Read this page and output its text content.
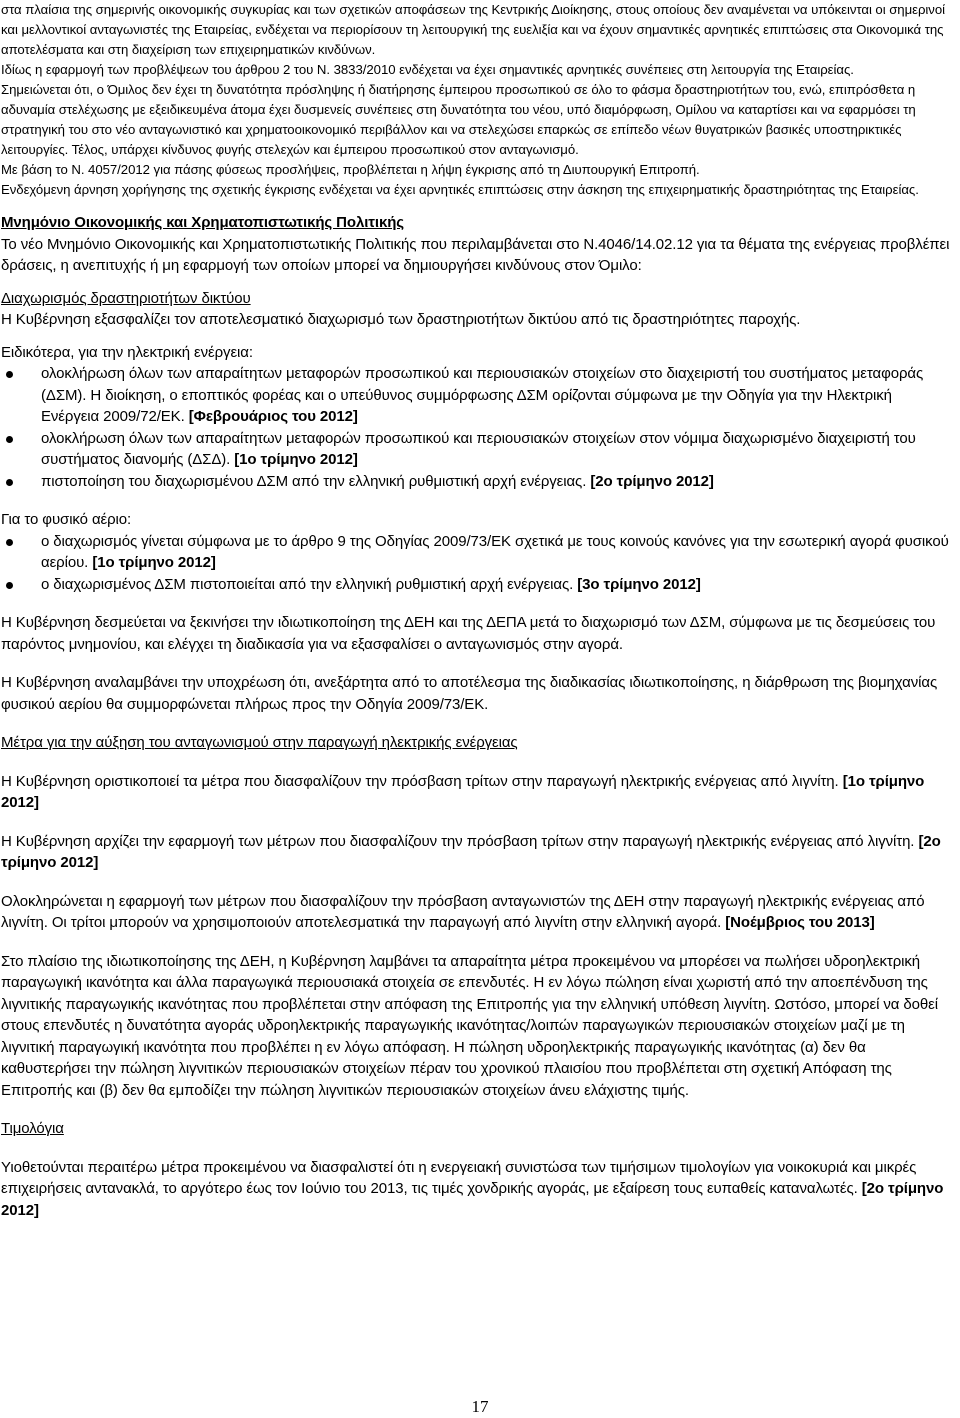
στα πλαίσια της σημερινής οικονομικής συγκυρίας και των σχετικών αποφάσεων της Κεντρικής Διοίκησης, στους οποίους δεν αναμένεται να υπόκεινται οι σημερινοί και μελλοντικοί ανταγωνιστές της Εταιρείας, ενδέχεται να περιορίσουν τη λειτουργική της ευελιξία και να έχουν σημαντικές αρνητικές επιπτώσεις στα Οικονομικά της αποτελέσματα και στη διαχείριση των επιχειρηματικών κινδύνων.

Ιδίως η εφαρμογή των προβλέψεων του άρθρου 2 του Ν. 3833/2010 ενδέχεται να έχει σημαντικές αρνητικές συνέπειες στη λειτουργία της Εταιρείας.

Σημειώνεται ότι, ο Όμιλος δεν έχει τη δυνατότητα πρόσληψης ή διατήρησης έμπειρου προσωπικού σε όλο το φάσμα δραστηριοτήτων του, ενώ, επιπρόσθετα η αδυναμία στελέχωσης με εξειδικευμένα άτομα έχει δυσμενείς συνέπειες στη δυνατότητα του νέου, υπό διαμόρφωση, Ομίλου να καταρτίσει και να εφαρμόσει τη στρατηγική του στο νέο ανταγωνιστικό και χρηματοοικονομικό περιβάλλον και να στελεχώσει επαρκώς σε επίπεδο νέων θυγατρικών βασικές υποστηρικτικές λειτουργίες. Τέλος, υπάρχει κίνδυνος φυγής στελεχών και έμπειρου προσωπικού στον ανταγωνισμό.

Με βάση το Ν. 4057/2012 για πάσης φύσεως προσλήψεις, προβλέπεται η λήψη έγκρισης από τη Διυπουργική Επιτροπή.

Ενδεχόμενη άρνηση χορήγησης της σχετικής έγκρισης ενδέχεται να έχει αρνητικές επιπτώσεις στην άσκηση της επιχειρηματικής δραστηριότητας της Εταιρείας.

Μνημόνιο Οικονομικής και Χρηματοπιστωτικής Πολιτικής

Το νέο Μνημόνιο Οικονομικής και Χρηματοπιστωτικής Πολιτικής που περιλαμβάνεται στο Ν.4046/14.02.12 για τα θέματα της ενέργειας προβλέπει δράσεις, η ανεπιτυχής ή μη εφαρμογή των οποίων μπορεί να δημιουργήσει κινδύνους στον Όμιλο:

Διαχωρισμός δραστηριοτήτων δικτύου

Η Κυβέρνηση εξασφαλίζει τον αποτελεσματικό διαχωρισμό των δραστηριοτήτων δικτύου από τις δραστηριότητες παροχής.

Ειδικότερα, για την ηλεκτρική ενέργεια:

ολοκλήρωση όλων των απαραίτητων μεταφορών προσωπικού και περιουσιακών στοιχείων στο διαχειριστή του συστήματος μεταφοράς (ΔΣΜ). Η διοίκηση, ο εποπτικός φορέας και ο υπεύθυνος συμμόρφωσης ΔΣΜ ορίζονται σύμφωνα με την Οδηγία για την Ηλεκτρική Ενέργεια 2009/72/ΕΚ. [Φεβρουάριος του 2012]
ολοκλήρωση όλων των απαραίτητων μεταφορών προσωπικού και περιουσιακών στοιχείων στον νόμιμα διαχωρισμένο διαχειριστή του συστήματος διανομής (ΔΣΔ). [1ο τρίμηνο 2012]
πιστοποίηση του διαχωρισμένου ΔΣΜ από την ελληνική ρυθμιστική αρχή ενέργειας. [2ο τρίμηνο 2012]

Για το φυσικό αέριο:

ο διαχωρισμός γίνεται σύμφωνα με το άρθρο 9 της Οδηγίας 2009/73/ΕΚ σχετικά με τους κοινούς κανόνες για την εσωτερική αγορά φυσικού αερίου. [1ο τρίμηνο 2012]
ο διαχωρισμένος ΔΣΜ πιστοποιείται από την ελληνική ρυθμιστική αρχή ενέργειας. [3ο τρίμηνο 2012]

Η Κυβέρνηση δεσμεύεται να ξεκινήσει την ιδιωτικοποίηση της ΔΕΗ και της ΔΕΠΑ μετά το διαχωρισμό των ΔΣΜ, σύμφωνα με τις δεσμεύσεις του παρόντος μνημονίου, και ελέγχει τη διαδικασία για να εξασφαλίσει ο ανταγωνισμός στην αγορά.

Η Κυβέρνηση αναλαμβάνει την υποχρέωση ότι, ανεξάρτητα από το αποτέλεσμα της διαδικασίας ιδιωτικοποίησης, η διάρθρωση της βιομηχανίας φυσικού αερίου θα συμμορφώνεται πλήρως προς την Οδηγία 2009/73/ΕΚ.

Μέτρα για την αύξηση του ανταγωνισμού στην παραγωγή ηλεκτρικής ενέργειας

Η Κυβέρνηση οριστικοποιεί τα μέτρα που διασφαλίζουν την πρόσβαση τρίτων στην παραγωγή ηλεκτρικής ενέργειας από λιγνίτη. [1ο τρίμηνο 2012]

Η Κυβέρνηση αρχίζει την εφαρμογή των μέτρων που διασφαλίζουν την πρόσβαση τρίτων στην παραγωγή ηλεκτρικής ενέργειας από λιγνίτη. [2ο τρίμηνο 2012]

Ολοκληρώνεται η εφαρμογή των μέτρων που διασφαλίζουν την πρόσβαση ανταγωνιστών της ΔΕΗ στην παραγωγή ηλεκτρικής ενέργειας από λιγνίτη. Οι τρίτοι μπορούν να χρησιμοποιούν αποτελεσματικά την παραγωγή από λιγνίτη στην ελληνική αγορά. [Νοέμβριος του 2013]

Στο πλαίσιο της ιδιωτικοποίησης της ΔΕΗ, η Κυβέρνηση λαμβάνει τα απαραίτητα μέτρα προκειμένου να μπορέσει να πωλήσει υδροηλεκτρική παραγωγική ικανότητα και άλλα παραγωγικά περιουσιακά στοιχεία σε επενδυτές. Η εν λόγω πώληση είναι χωριστή από την αποεπένδυση της λιγνιτικής παραγωγικής ικανότητας που προβλέπεται στην απόφαση της Επιτροπής για την ελληνική υπόθεση λιγνίτη. Ωστόσο, μπορεί να δοθεί στους επενδυτές η δυνατότητα αγοράς υδροηλεκτρικής παραγωγικής ικανότητας/λοιπών παραγωγικών περιουσιακών στοιχείων μαζί με τη λιγνιτική παραγωγική ικανότητα που προβλέπει η εν λόγω απόφαση. Η πώληση υδροηλεκτρικής παραγωγικής ικανότητας (α) δεν θα καθυστερήσει την πώληση λιγνιτικών περιουσιακών στοιχείων πέραν του χρονικού πλαισίου που προβλέπεται στη σχετική Απόφαση της Επιτροπής και (β) δεν θα εμποδίζει την πώληση λιγνιτικών περιουσιακών στοιχείων άνευ ελάχιστης τιμής.

Τιμολόγια

Υιοθετούνται περαιτέρω μέτρα προκειμένου να διασφαλιστεί ότι η ενεργειακή συνιστώσα των τιμήσιμων τιμολογίων για νοικοκυριά και μικρές επιχειρήσεις αντανακλά, το αργότερο έως τον Ιούνιο του 2013, τις τιμές χονδρικής αγοράς, με εξαίρεση τους ευπαθείς καταναλωτές. [2ο τρίμηνο 2012]

17
